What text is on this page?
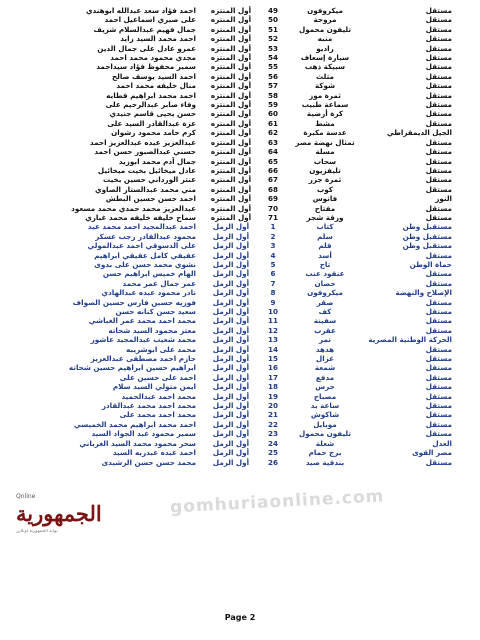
مستقل	ميكروفون	49	أول المنتزه	احمد فؤاد سعد عبدالله ابوهندي
مستقل	مروحة	50	أول المنتزه	على صبري اسماعيل احمد
مستقل	تليفون محمول	51	أول المنتزه	جمال فهيم عبدالسلام شريف
مستقل	منبه	52	أول المنتزه	احمد محمد السيد زايد
مستقل	راديو	53	أول المنتزه	عمرو عادل على جمال الدين
مستقل	سيارة إسعاف	54	أول المنتزه	مجدي محمود محمد احمد
مستقل	سبيكة ذهب	55	أول المنتزه	سمير محفوظ فؤاد سيداحمد
مستقل	مثلث	56	أول المنتزه	احمد السيد يوسف صالح
مستقل	شوكة	57	أول المنتزه	منال خليفه محمد احمد
مستقل	ثمرة موز	58	أول المنتزه	احمد محمد ابراهيم قطايه
مستقل	سماعة طبيب	59	أول المنتزه	وفاء صابر عبدالرحيم على
مستقل	كرة أرضية	60	أول المنتزه	حسن يحيى قاسم جنيدي
مستقل	مشط	61	أول المنتزه	عزة عبدالقادر السيد على
الجيل الديمقراطي	عدسة مكبرة	62	أول المنتزه	كرم حامد محمود رشوان
مستقل	تمثال نهضة مصر	63	أول المنتزه	عبدالعزيز عبده عبدالعزيز احمد
مستقل	مسلة	64	أول المنتزه	حسني عبدالصبور حسن احمد
مستقل	سحاب	65	أول المنتزه	جمال آدم محمد ابوزيد
مستقل	تليفزيون	66	أول المنتزه	عادل ميخائيل بخيت ميخائيل
مستقل	ثمرة جزر	67	أول المنتزه	عنتر الورداني حسين بخيت
مستقل	كوب	68	أول المنتزه	مني محمد عبدالستار الصاوي
النور	فانوس	69	أول المنتزه	احمد حسن حسين البطش
مستقل	مفتاح	70	أول المنتزه	عبدالعزيز محمد حمدي محمد مسعود
مستقل	ورقة شجر	71	أول المنتزه	سماح خليفه خليفه محمد غباري
مستقبل وطن	كتاب	1	أول الرمل	احمد عبدالمجيد احمد محمد عيد
مستقبل وطن	سلم	2	أول الرمل	محمود عبدالقادر رجب عسكر
مستقبل وطن	قلم	3	أول الرمل	على الدسوقي احمد عبدالمولي
مستقل	أسد	4	أول الرمل	عقيقي كامل عقيقي ابراهيم
حماة الوطن	تاج	5	أول الرمل	نشوي محمد حسن على بدوى
مستقل	عنقود عنب	6	أول الرمل	الهام خميس ابراهيم حسن
مستقل	حصان	7	أول الرمل	عمر جمال عمر محمد
الإصلاح والنهضة	ميكروفون	8	أول الرمل	نادر محمود عبده عبدالهادي
مستقل	صقر	9	أول الرمل	فوزيه حسين فارس حسين الصواف
مستقل	كف	10	أول الرمل	سعيد حسن كنانه حسن
مستقل	سفينة	11	أول الرمل	محمد احمد محمد عمر الغباشي
مستقل	عقرب	12	أول الرمل	معتز محمود السيد شحاته
الحركة الوطنية المصرية	نمر	13	أول الرمل	محمد شعيب عبدالمجيد عاشور
مستقل	هدهد	14	أول الرمل	محمد على ابوشريبه
مستقل	غزال	15	أول الرمل	حازم احمد مصطفى عبدالعزيز
مستقل	شمعة	16	أول الرمل	ابراهيم حسين ابراهيم حسين شحاته
مستقل	مدفع	17	أول الرمل	احمد على حسين على
مستقل	جرس	18	أول الرمل	ايمن متولي السيد سلام
مستقل	مصباح	19	أول الرمل	محمد احمد عبدالحميد
مستقل	ساعة يد	20	أول الرمل	محمد احمد محمد عبدالقادر
مستقل	شاكوش	21	أول الرمل	محمد احمد محمد على
مستقل	موبايل	22	أول الرمل	احمد محمد ابراهيم محمد الخميسي
مستقل	تليفون محمول	23	أول الرمل	سمير محمود عبد الجواد السيد
العدل	شعلة	24	أول الرمل	سحر محمود محمد السيد الغرباني
مصر القوى	برج حمام	25	أول الرمل	احمد عبده عبدربه السيد
مستقل	بندقية صيد	26	أول الرمل	محمد حسن حسن الرشيدى
Qnline
الجمهورية
بوابة الجمهورية أونلاين
gomhuriaonline.com
Page 2
